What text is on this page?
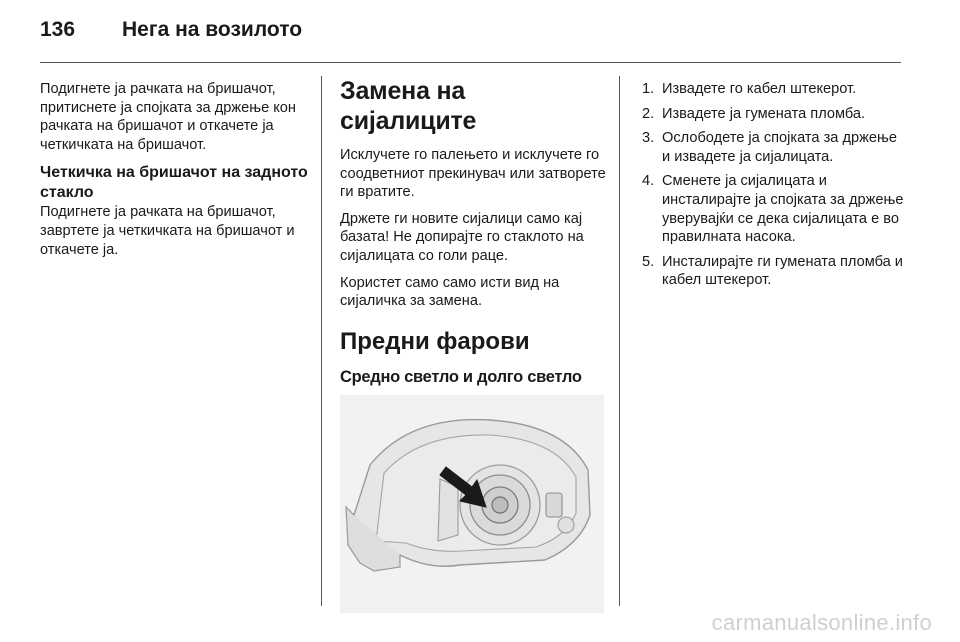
136	Нега на возилото

Подигнете ја рачката на бришачот, притиснете ја спојката за држење кон рачката на бришачот и откачете ја четкичката на бришачот.

Четкичка на бришачот на задното стакло

Подигнете ја рачката на бришачот, завртете ја четкичката на бришачот и откачете ја.

Замена на сијалиците

Исклучете го палењето и исклучете го соодветниот прекинувач или затворете ги вратите.

Држете ги новите сијалици само кај базата! Не допирајте го стаклото на сијалицата со голи раце.

Користет само само исти вид на сијаличка за замена.

Предни фарови
Средно светло и долго светло
1. Извадете го кабел штекерот.
2. Извадете ја гумената пломба.
3. Ослободете ја спојката за држење и извадете ја сијалицата.
4. Сменете ја сијалицата и инсталирајте ја спојката за држење уверувајќи се дека сијалицата е во правилната насока.
5. Инсталирајте ги гумената пломба и кабел штекерот.
carmanualsonline.info
